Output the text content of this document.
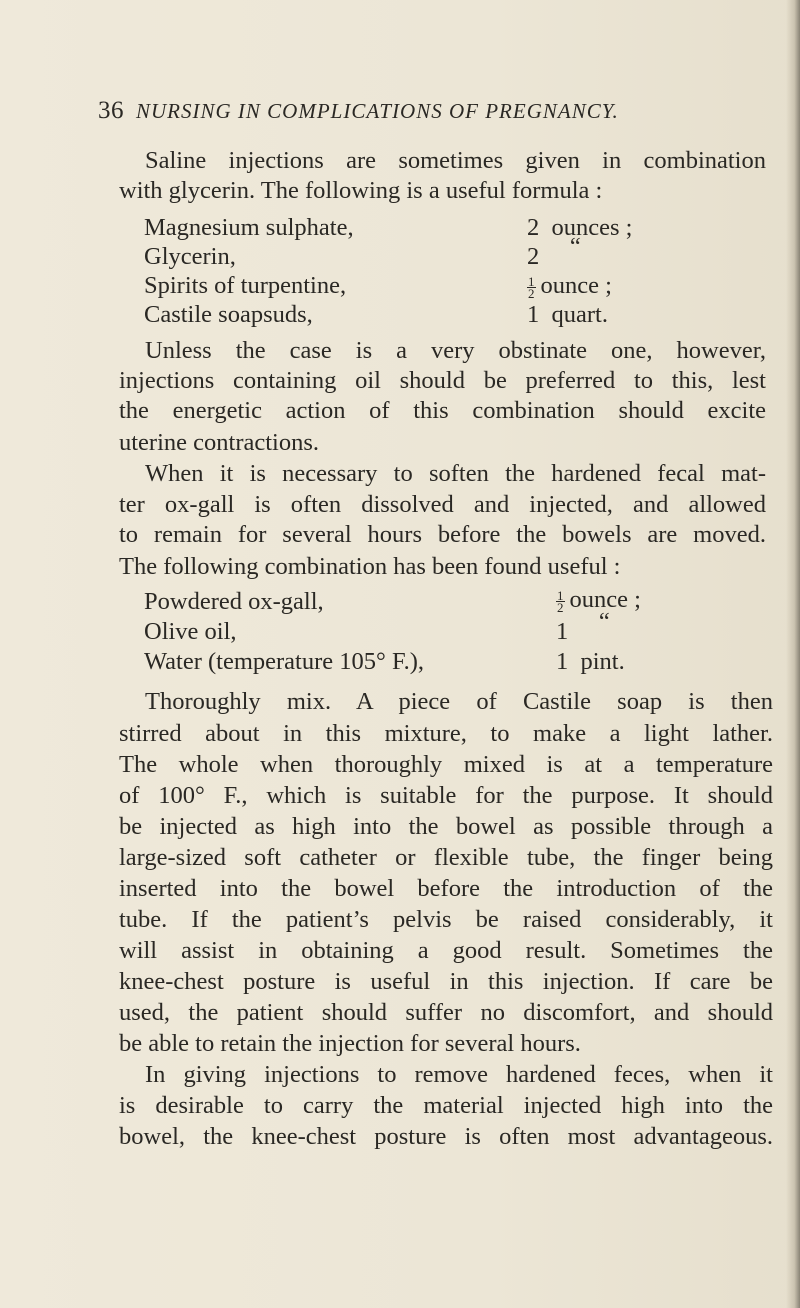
36 NURSING IN COMPLICATIONS OF PREGNANCY.
Saline injections are sometimes given in combination
with glycerin. The following is a useful formula :
Magnesium sulphate,	2 ounces ;
Glycerin,	2 “
Spirits of turpentine,	$\frac{1}{2}$ ounce ;
Castile soapsuds,	1 quart.
Unless the case is a very obstinate one, however,
injections containing oil should be preferred to this, lest
the energetic action of this combination should excite
uterine contractions.
When it is necessary to soften the hardened fecal mat-
ter ox-gall is often dissolved and injected, and allowed
to remain for several hours before the bowels are moved.
The following combination has been found useful :
Powdered ox-gall,	$\frac{1}{2}$ ounce ;
Olive oil,	1 “
Water (temperature 105° F.),	1 pint.
Thoroughly mix. A piece of Castile soap is then
stirred about in this mixture, to make a light lather.
The whole when thoroughly mixed is at a temperature
of 100° F., which is suitable for the purpose. It should
be injected as high into the bowel as possible through a
large-sized soft catheter or flexible tube, the finger being
inserted into the bowel before the introduction of the
tube. If the patient’s pelvis be raised considerably, it
will assist in obtaining a good result. Sometimes the
knee-chest posture is useful in this injection. If care be
used, the patient should suffer no discomfort, and should
be able to retain the injection for several hours.
In giving injections to remove hardened feces, when it
is desirable to carry the material injected high into the
bowel, the knee-chest posture is often most advantageous.
